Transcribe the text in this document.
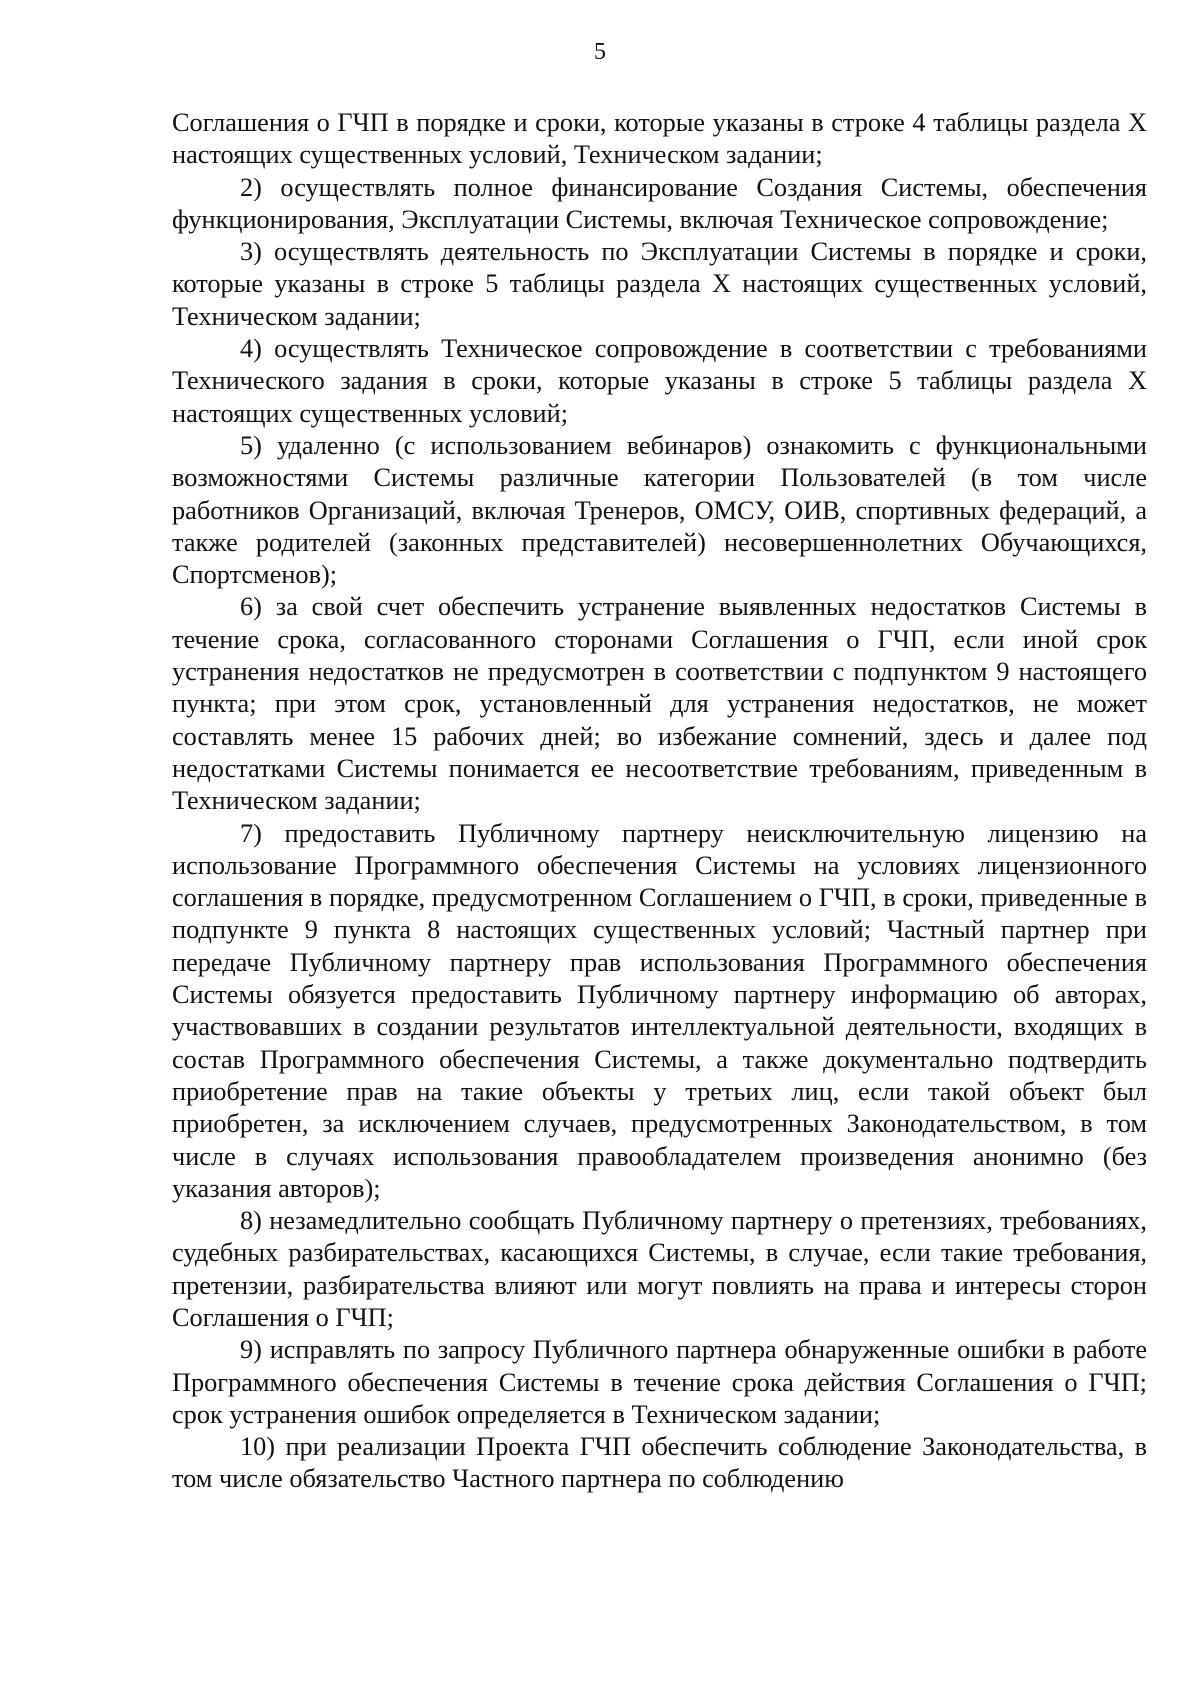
5

Соглашения о ГЧП в порядке и сроки, которые указаны в строке 4 таблицы раздела X настоящих существенных условий, Техническом задании;

2) осуществлять полное финансирование Создания Системы, обеспечения функционирования, Эксплуатации Системы, включая Техническое сопровождение;

3) осуществлять деятельность по Эксплуатации Системы в порядке и сроки, которые указаны в строке 5 таблицы раздела X настоящих существенных условий, Техническом задании;

4) осуществлять Техническое сопровождение в соответствии с требованиями Технического задания в сроки, которые указаны в строке 5 таблицы раздела X настоящих существенных условий;

5) удаленно (с использованием вебинаров) ознакомить с функциональными возможностями Системы различные категории Пользователей (в том числе работников Организаций, включая Тренеров, ОМСУ, ОИВ, спортивных федераций, а также родителей (законных представителей) несовершеннолетних Обучающихся, Спортсменов);

6) за свой счет обеспечить устранение выявленных недостатков Системы в течение срока, согласованного сторонами Соглашения о ГЧП, если иной срок устранения недостатков не предусмотрен в соответствии с подпунктом 9 настоящего пункта; при этом срок, установленный для устранения недостатков, не может составлять менее 15 рабочих дней; во избежание сомнений, здесь и далее под недостатками Системы понимается ее несоответствие требованиям, приведенным в Техническом задании;

7) предоставить Публичному партнеру неисключительную лицензию на использование Программного обеспечения Системы на условиях лицензионного соглашения в порядке, предусмотренном Соглашением о ГЧП, в сроки, приведенные в подпункте 9 пункта 8 настоящих существенных условий; Частный партнер при передаче Публичному партнеру прав использования Программного обеспечения Системы обязуется предоставить Публичному партнеру информацию об авторах, участвовавших в создании результатов интеллектуальной деятельности, входящих в состав Программного обеспечения Системы, а также документально подтвердить приобретение прав на такие объекты у третьих лиц, если такой объект был приобретен, за исключением случаев, предусмотренных Законодательством, в том числе в случаях использования правообладателем произведения анонимно (без указания авторов);

8) незамедлительно сообщать Публичному партнеру о претензиях, требованиях, судебных разбирательствах, касающихся Системы, в случае, если такие требования, претензии, разбирательства влияют или могут повлиять на права и интересы сторон Соглашения о ГЧП;

9) исправлять по запросу Публичного партнера обнаруженные ошибки в работе Программного обеспечения Системы в течение срока действия Соглашения о ГЧП; срок устранения ошибок определяется в Техническом задании;

10) при реализации Проекта ГЧП обеспечить соблюдение Законодательства, в том числе обязательство Частного партнера по соблюдению
